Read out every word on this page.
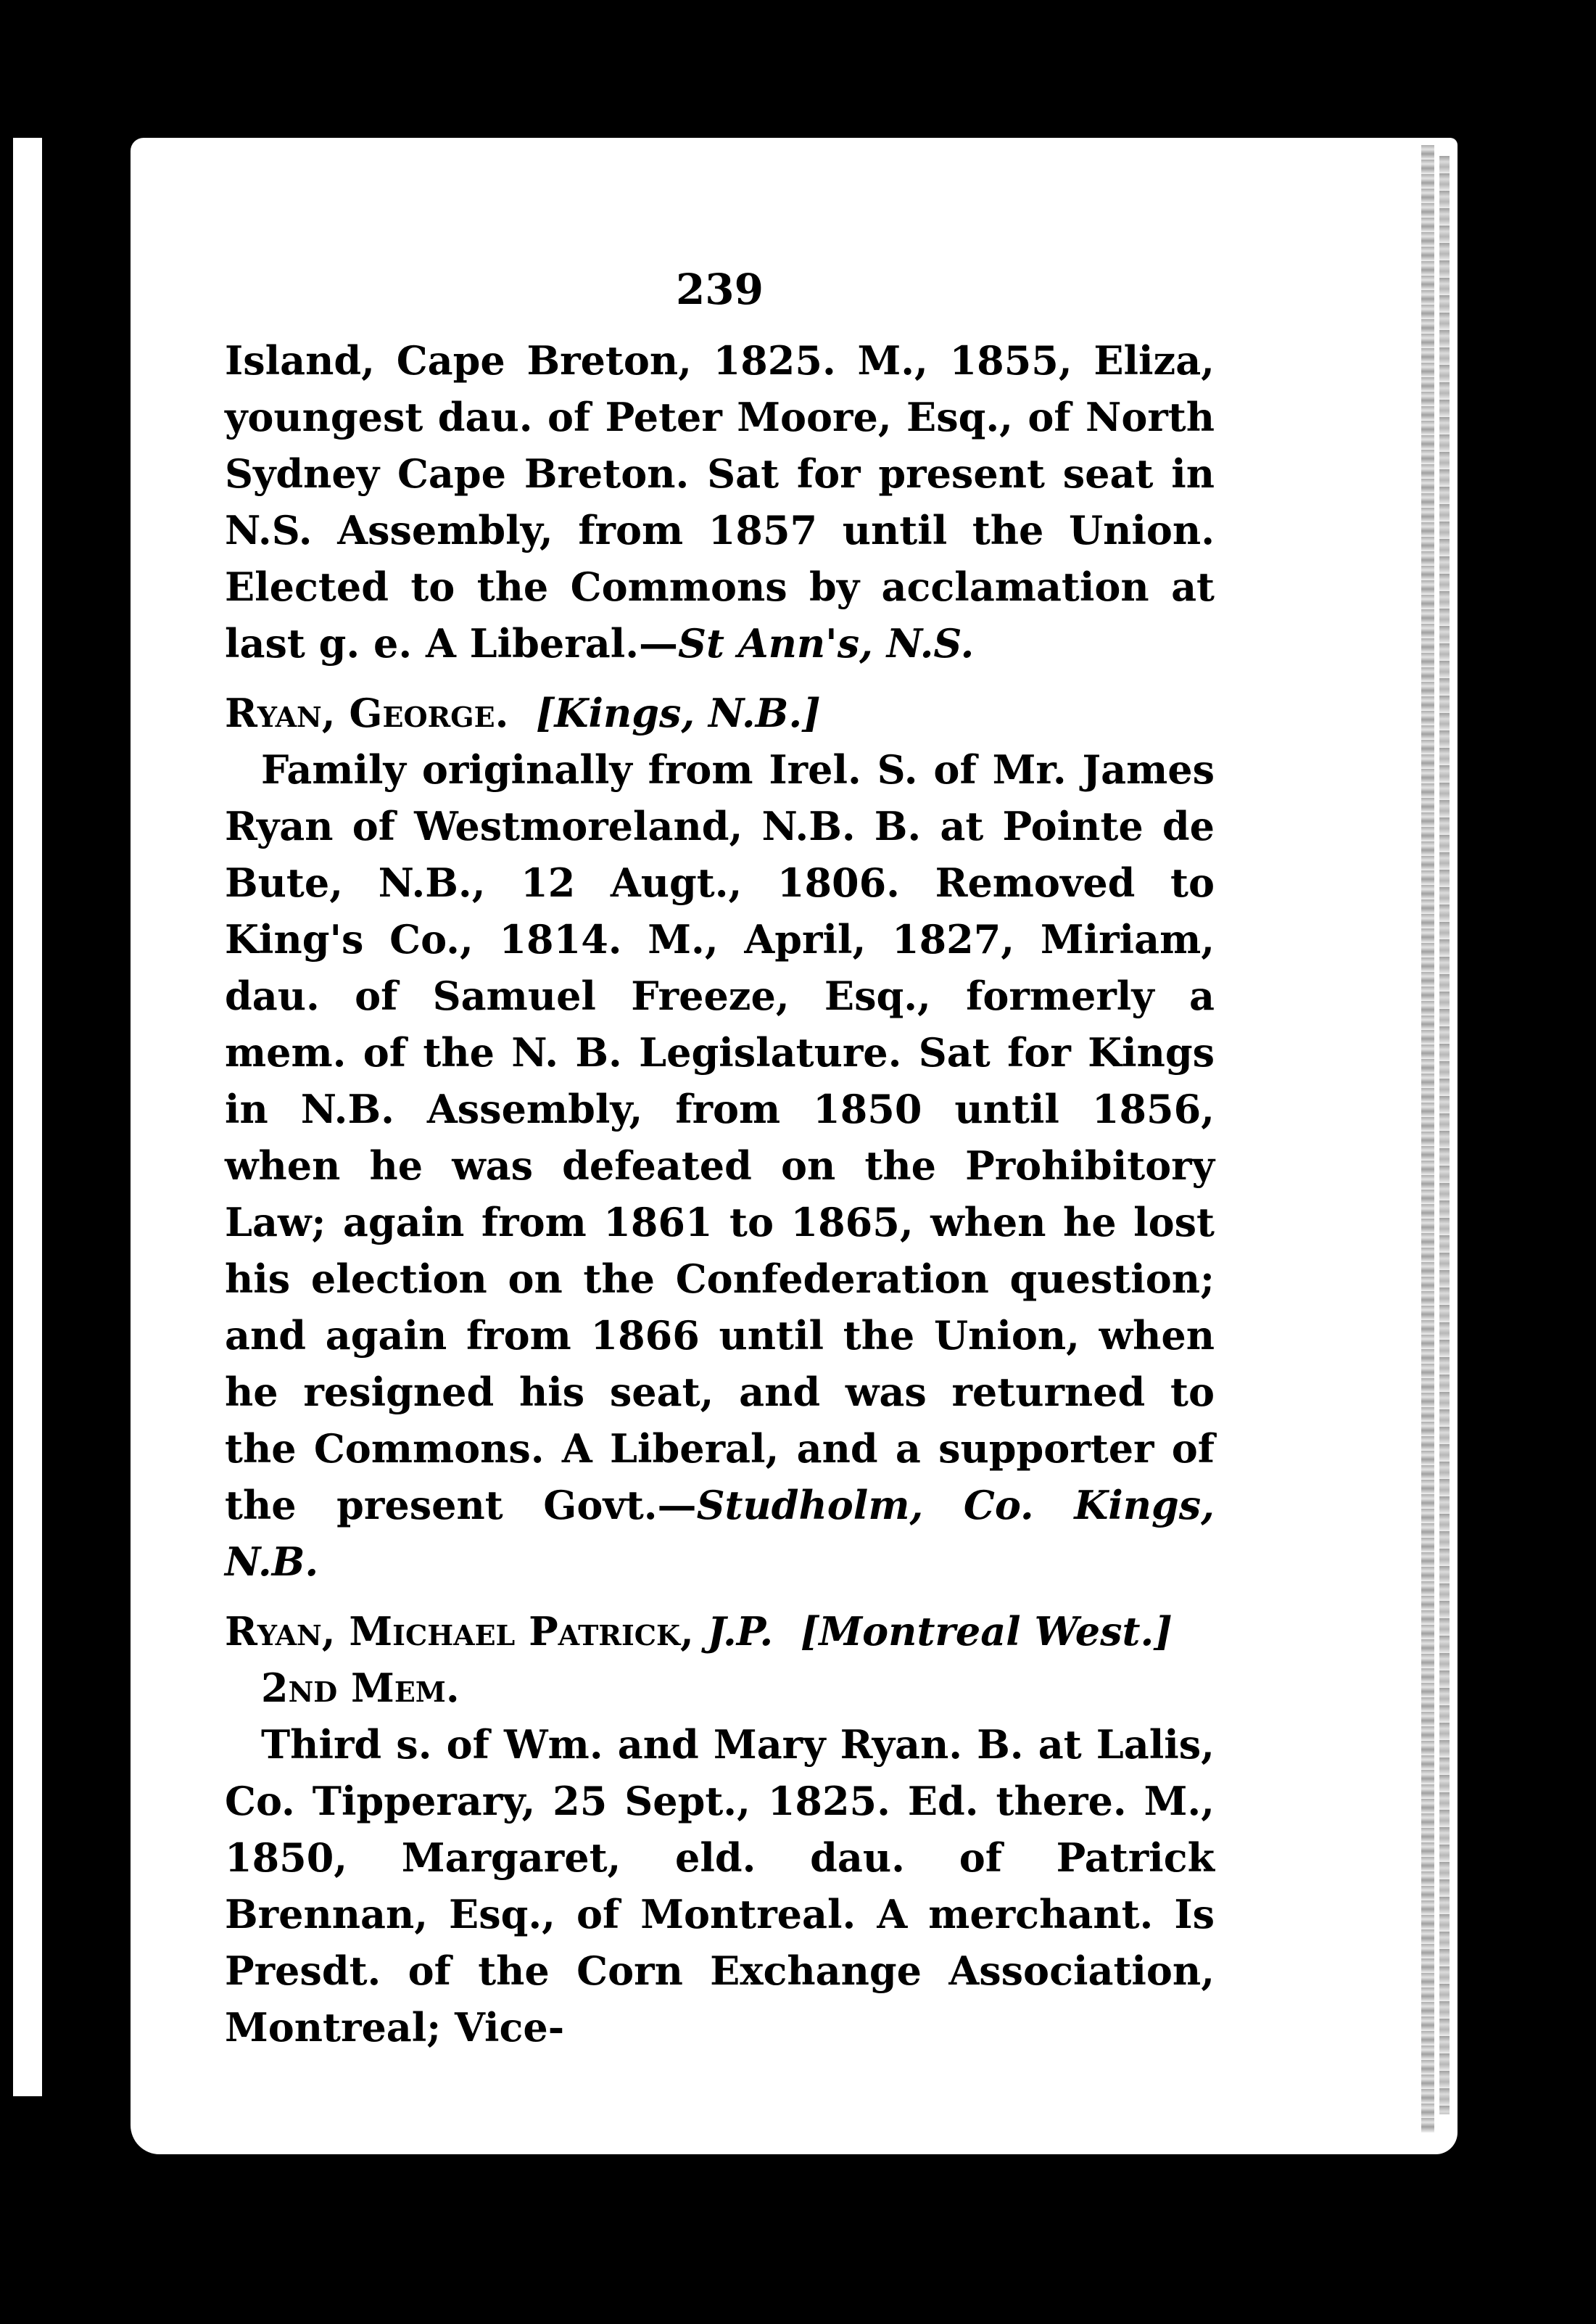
239

Island, Cape Breton, 1825. M., 1855, Eliza, youngest dau. of Peter Moore, Esq., of North Sydney Cape Breton. Sat for present seat in N.S. Assembly, from 1857 until the Union. Elected to the Commons by acclamation at last g. e. A Liberal.—St Ann's, N.S.

Ryan, George. [Kings, N.B.]

Family originally from Irel. S. of Mr. James Ryan of Westmoreland, N.B. B. at Pointe de Bute, N.B., 12 Augt., 1806. Removed to King's Co., 1814. M., April, 1827, Miriam, dau. of Samuel Freeze, Esq., formerly a mem. of the N. B. Legislature. Sat for Kings in N.B. Assembly, from 1850 until 1856, when he was defeated on the Prohibitory Law; again from 1861 to 1865, when he lost his election on the Confederation question; and again from 1866 until the Union, when he resigned his seat, and was returned to the Commons. A Liberal, and a supporter of the present Govt.—Studholm, Co. Kings, N.B.

Ryan, Michael Patrick, J.P. [Montreal West.]

2nd Mem.

Third s. of Wm. and Mary Ryan. B. at Lalis, Co. Tipperary, 25 Sept., 1825. Ed. there. M., 1850, Margaret, eld. dau. of Patrick Brennan, Esq., of Montreal. A merchant. Is Presdt. of the Corn Exchange Association, Montreal; Vice-
